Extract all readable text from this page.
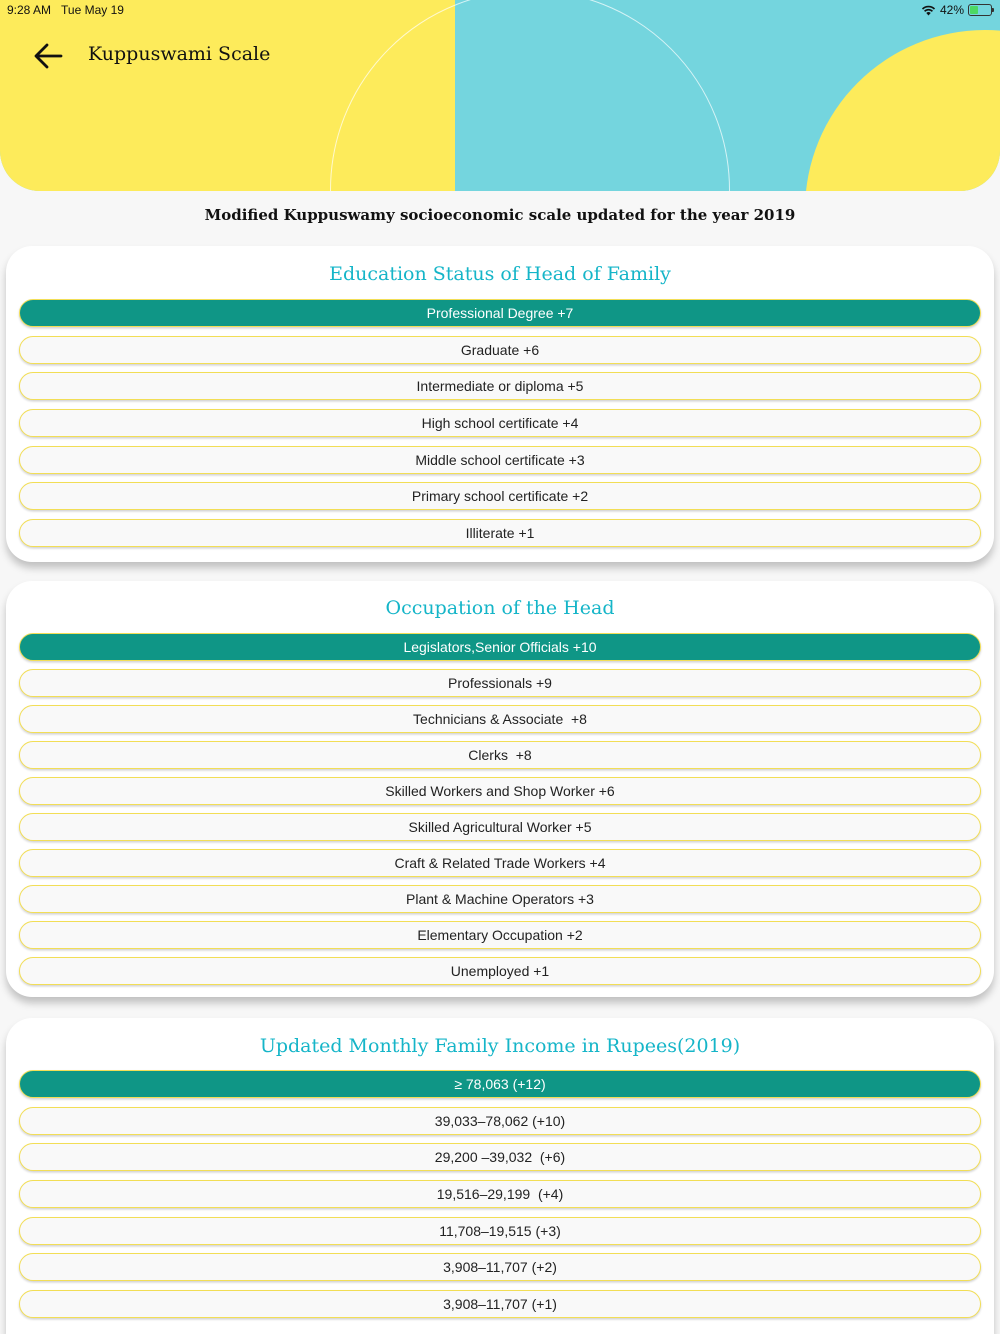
9:28 AM Tue May 19	42%
Kuppuswami Scale
Modified Kuppuswamy socioeconomic scale updated for the year 2019
Education Status of Head of Family
Professional Degree +7
Graduate +6
Intermediate or diploma +5
High school certificate +4
Middle school certificate +3
Primary school certificate +2
Illiterate +1
Occupation of the Head
Legislators,Senior Officials +10
Professionals +9
Technicians & Associate  +8
Clerks  +8
Skilled Workers and Shop Worker +6
Skilled Agricultural Worker +5
Craft & Related Trade Workers +4
Plant & Machine Operators +3
Elementary Occupation +2
Unemployed +1
Updated Monthly Family Income in Rupees(2019)
≥ 78,063 (+12)
39,033–78,062 (+10)
29,200 –39,032  (+6)
19,516–29,199  (+4)
11,708–19,515 (+3)
3,908–11,707 (+2)
3,908–11,707 (+1)
